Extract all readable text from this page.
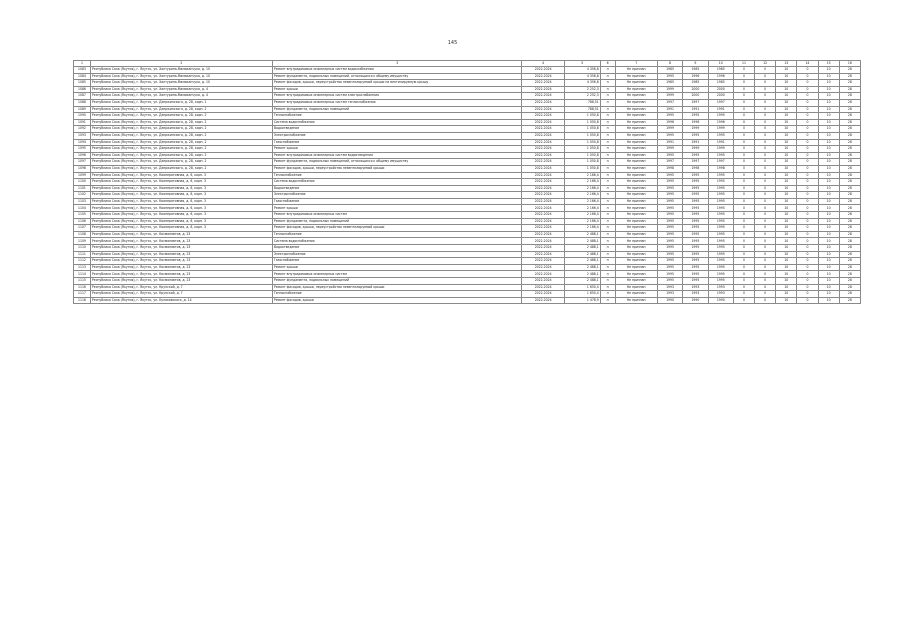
145
1	2	3	4	5	6	7	8	9	10	11	12	13	14	15	16
1083	Республика Саха (Якутия), г. Якутск, ул. Халтурина-Мамиканчука, д. 10	Ремонт внутридомовых инженерных систем водоснабжения	2022-2024	4 356,8	н	Не признан	1985	1985	1985	0	0	10	0	10	28
1084	Республика Саха (Якутия), г. Якутск, ул. Халтурина-Мамиканчука, д. 10	Ремонт фундамента, подвальных помещений, относящихся к общему имуществу	2022-2024	4 356,8	н	Не признан	1995	1996	1996	0	0	10	0	10	28
1085	Республика Саха (Якутия), г. Якутск, ул. Халтурина-Мамиканчука, д. 10	Ремонт фасадов, крыши, переустройство невентилируемой крыши на вентилируемую крышу	2022-2024	4 356,8	н	Не признан	1985	1985	1985	0	0	10	0	10	28
1086	Республика Саха (Якутия), г. Якутск, ул. Халтурина-Мамиканчука, д. 4	Ремонт крыши	2022-2024	2 252,3	н	Не признан	1999	2000	2000	0	0	10	0	10	28
1087	Республика Саха (Якутия), г. Якутск, ул. Халтурина-Мамиканчука, д. 4	Ремонт внутридомовых инженерных систем электроснабжения	2022-2024	2 252,3	н	Не признан	1999	2000	2000	0	0	10	0	10	28
1088	Республика Саха (Якутия), г. Якутск, ул. Дзержинского, д. 28, корп. 1	Ремонт внутридомовых инженерных систем теплоснабжения	2022-2024	788,51	н	Не признан	1997	1997	1997	0	0	10	0	10	28
1089	Республика Саха (Якутия), г. Якутск, ул. Дзержинского, д. 28, корп. 2	Ремонт фундамента, подвальных помещений	2022-2024	788,51	н	Не признан	1991	1991	1991	0	0	10	0	10	28
1090	Республика Саха (Якутия), г. Якутск, ул. Дзержинского, д. 28, корп. 2	Теплоснабжение	2022-2024	1 050,8	н	Не признан	1995	1995	1995	0	0	10	0	10	28
1091	Республика Саха (Якутия), г. Якутск, ул. Дзержинского, д. 28, корп. 2	Система водоснабжения	2022-2024	1 050,8	н	Не признан	1996	1996	1996	0	0	10	0	10	28
1092	Республика Саха (Якутия), г. Якутск, ул. Дзержинского, д. 28, корп. 2	Водоотведение	2022-2024	1 050,8	н	Не признан	1999	1999	1999	0	0	10	0	10	28
1093	Республика Саха (Якутия), г. Якутск, ул. Дзержинского, д. 28, корп. 2	Электроснабжение	2022-2024	1 050,8	н	Не признан	1995	1995	1995	0	0	10	0	10	28
1094	Республика Саха (Якутия), г. Якутск, ул. Дзержинского, д. 28, корп. 2	Газоснабжение	2022-2024	1 050,8	н	Не признан	1991	1991	1991	0	0	10	0	10	28
1095	Республика Саха (Якутия), г. Якутск, ул. Дзержинского, д. 28, корп. 2	Ремонт крыши	2022-2024	1 050,8	н	Не признан	1999	1999	1999	0	0	10	0	10	28
1096	Республика Саха (Якутия), г. Якутск, ул. Дзержинского, д. 28, корп. 2	Ремонт внутридомовых инженерных систем водоотведения	2022-2024	1 050,8	н	Не признан	1995	1995	1995	0	0	10	0	10	28
1097	Республика Саха (Якутия), г. Якутск, ул. Дзержинского, д. 28, корп. 2	Ремонт фундамента, подвальных помещений, относящихся к общему имуществу	2022-2024	1 050,8	н	Не признан	1997	1997	1997	0	0	10	0	10	28
1098	Республика Саха (Якутия), г. Якутск, ул. Дзержинского, д. 28, корп. 2	Ремонт фасадов, крыши, переустройство невентилируемой крыши	2022-2024	1 050,8	н	Не признан	1998	1998	1998	0	0	10	0	10	28
1099	Республика Саха (Якутия), г. Якутск, ул. Кооперативная, д. 6, корп. 3	Теплоснабжение	2022-2024	2 166,4	н	Не признан	1995	1995	1995	0	0	10	0	10	28
1100	Республика Саха (Якутия), г. Якутск, ул. Кооперативная, д. 6, корп. 3	Система водоснабжения	2022-2024	2 166,4	н	Не признан	1995	1995	1995	0	0	10	0	10	28
1101	Республика Саха (Якутия), г. Якутск, ул. Кооперативная, д. 6, корп. 3	Водоотведение	2022-2024	2 166,4	н	Не признан	1995	1995	1995	0	0	10	0	10	28
1102	Республика Саха (Якутия), г. Якутск, ул. Кооперативная, д. 6, корп. 3	Электроснабжение	2022-2024	2 166,4	н	Не признан	1995	1995	1995	0	0	10	0	10	28
1103	Республика Саха (Якутия), г. Якутск, ул. Кооперативная, д. 6, корп. 3	Газоснабжение	2022-2024	2 166,4	н	Не признан	1995	1995	1995	0	0	10	0	10	28
1104	Республика Саха (Якутия), г. Якутск, ул. Кооперативная, д. 6, корп. 3	Ремонт крыши	2022-2024	2 166,4	н	Не признан	1995	1995	1995	0	0	10	0	10	28
1105	Республика Саха (Якутия), г. Якутск, ул. Кооперативная, д. 6, корп. 3	Ремонт внутридомовых инженерных систем	2022-2024	2 166,4	н	Не признан	1995	1995	1995	0	0	10	0	10	28
1106	Республика Саха (Якутия), г. Якутск, ул. Кооперативная, д. 6, корп. 3	Ремонт фундамента, подвальных помещений	2022-2024	2 166,4	н	Не признан	1995	1995	1995	0	0	10	0	10	28
1107	Республика Саха (Якутия), г. Якутск, ул. Кооперативная, д. 6, корп. 3	Ремонт фасадов, крыши, переустройство невентилируемой крыши	2022-2024	2 166,4	н	Не признан	1995	1995	1995	0	0	10	0	10	28
1108	Республика Саха (Якутия), г. Якутск, ул. Космонавтов, д. 23	Теплоснабжение	2022-2024	2 488,1	н	Не признан	1995	1995	1995	0	0	10	0	10	28
1109	Республика Саха (Якутия), г. Якутск, ул. Космонавтов, д. 23	Система водоснабжения	2022-2024	2 488,1	н	Не признан	1995	1995	1995	0	0	10	0	10	28
1110	Республика Саха (Якутия), г. Якутск, ул. Космонавтов, д. 23	Водоотведение	2022-2024	2 488,1	н	Не признан	1995	1995	1995	0	0	10	0	10	28
1111	Республика Саха (Якутия), г. Якутск, ул. Космонавтов, д. 23	Электроснабжение	2022-2024	2 488,1	н	Не признан	1995	1995	1995	0	0	10	0	10	28
1112	Республика Саха (Якутия), г. Якутск, ул. Космонавтов, д. 23	Газоснабжение	2022-2024	2 488,1	н	Не признан	1995	1995	1995	0	0	10	0	10	28
1113	Республика Саха (Якутия), г. Якутск, ул. Космонавтов, д. 23	Ремонт крыши	2022-2024	2 488,1	н	Не признан	1995	1995	1995	0	0	10	0	10	28
1114	Республика Саха (Якутия), г. Якутск, ул. Космонавтов, д. 23	Ремонт внутридомовых инженерных систем	2022-2024	2 488,1	н	Не признан	1995	1995	1995	0	0	10	0	10	28
1115	Республика Саха (Якутия), г. Якутск, ул. Космонавтов, д. 23	Ремонт фундамента, подвальных помещений	2022-2024	2 488,1	н	Не признан	1995	1995	1995	0	0	10	0	10	28
1116	Республика Саха (Якутия), г. Якутск, ул. Крупской, д. 7	Ремонт фасадов, крыши, переустройство невентилируемой крыши	2022-2024	1 650,4	н	Не признан	1993	1993	1993	0	0	10	0	10	28
1117	Республика Саха (Якутия), г. Якутск, ул. Крупской, д. 7	Теплоснабжение	2022-2024	1 650,4	н	Не признан	1993	1993	1993	0	0	10	0	10	28
1118	Республика Саха (Якутия), г. Якутск, ул. Кулаковского, д. 14	Ремонт фасадов, крыши	2022-2024	1 478,9	н	Не признан	1990	1990	1990	0	0	10	0	10	28
